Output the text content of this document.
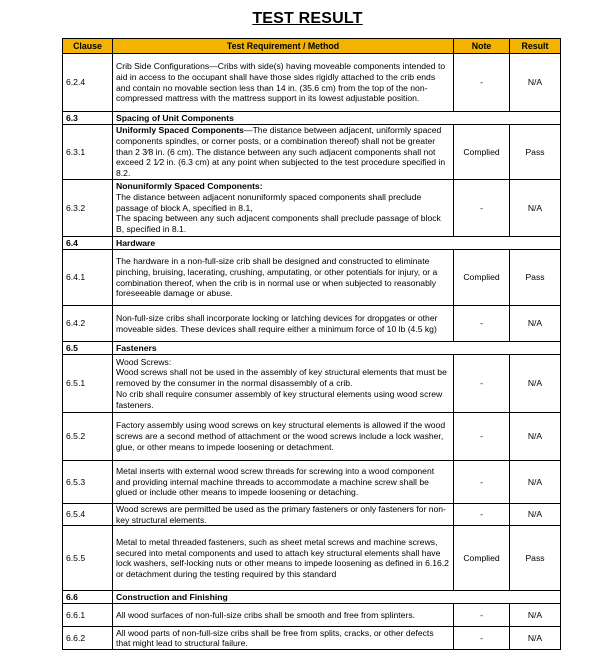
TEST RESULT
Clause	Test Requirement / Method	Note	Result
6.2.4	Crib Side Configurations—Cribs with side(s) having moveable components intended to aid in access to the occupant shall have those sides rigidly attached to the crib ends and contain no movable section less than 14 in. (35.6 cm) from the top of the non-compressed mattress with the mattress support in its lowest adjustable position.	-	N/A
6.3	Spacing of Unit Components		
6.3.1	Uniformly Spaced Components—The distance between adjacent, uniformly spaced components spindles, or corner posts, or a combination thereof) shall not be greater than 2 3⁄8 in. (6 cm). The distance between any such adjacent components shall not exceed 2 1⁄2 in. (6.3 cm) at any point when subjected to the test procedure specified in 8.2.	Complied	Pass
6.3.2	Nonuniformly Spaced Components:
The distance between adjacent nonuniformly spaced components shall preclude passage of block A, specified in 8.1,
The spacing between any such adjacent components shall preclude passage of block B, specified in 8.1.	-	N/A
6.4	Hardware		
6.4.1	The hardware in a non-full-size crib shall be designed and constructed to eliminate pinching, bruising, lacerating, crushing, amputating, or other potentials for injury, or a
combination thereof, when the crib is in normal use or when subjected to reasonably foreseeable damage or abuse.	Complied	Pass
6.4.2	Non-full-size cribs shall incorporate locking or latching devices for dropgates or other moveable sides. These devices shall require either a minimum force of 10 lb (4.5 kg)	-	N/A
6.5	Fasteners		
6.5.1	Wood Screws:
Wood screws shall not be used in the assembly of key structural elements that must be removed by the consumer in the normal disassembly of a crib.
No crib shall require consumer assembly of key structural elements using wood screw fasteners.	-	N/A
6.5.2	Factory assembly using wood screws on key structural elements is allowed if the wood screws are a second method of attachment or the wood screws include a lock washer, glue, or other means to impede loosening or detachment.	-	N/A
6.5.3	Metal inserts with external wood screw threads for screwing into a wood component and providing internal machine threads to accommodate a machine screw shall be
glued or include other means to impede loosening or detaching.	-	N/A
6.5.4	Wood screws are permitted be used as the primary fasteners or only fasteners for non-key structural elements.	-	N/A
6.5.5	Metal to metal threaded fasteners, such as sheet metal screws and machine screws, secured into metal components and used to attach key structural elements shall have lock washers, self-locking nuts or other means to impede loosening as defined in 6.16.2 or detachment during the testing required by this standard	Complied	Pass
6.6	Construction and Finishing		
6.6.1	All wood surfaces of non-full-size cribs shall be smooth and free from splinters.	-	N/A
6.6.2	All wood parts of non-full-size cribs shall be free from splits, cracks, or other defects that might lead to structural failure.	-	N/A
